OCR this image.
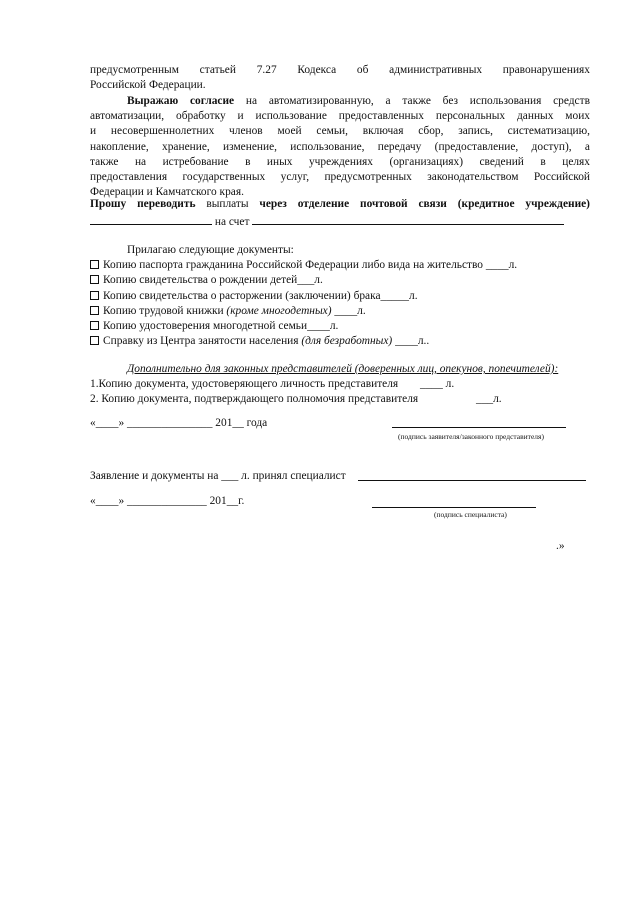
предусмотренным статьей 7.27 Кодекса об административных правонарушениях

Российской Федерации.

Выражаю согласие на автоматизированную, а также без использования средств

автоматизации, обработку и использование предоставленных персональных данных моих

и несовершеннолетних членов моей семьи, включая сбор, запись, систематизацию,

накопление, хранение, изменение, использование, передачу (предоставление, доступ), а

также на истребование в иных учреждениях (организациях) сведений в целях

предоставления государственных услуг, предусмотренных законодательством Российской

Федерации и Камчатского края.

Прошу переводить выплаты через отделение почтовой связи (кредитное учреждение)

на счет

Прилагаю следующие документы:

Копию паспорта гражданина Российской Федерации либо вида на жительство ____л.

Копию свидетельства о рождении детей___л.

Копию свидетельства о расторжении (заключении) брака_____л.

Копию трудовой книжки (кроме многодетных) ____л.

Копию удостоверения многодетной семьи____л.

Справку из Центра занятости населения (для безработных) ____л..

Дополнительно для законных представителей (доверенных лиц, опекунов, попечителей):

1.Копию документа, удостоверяющего личность представителя ____ л.
2. Копию документа, подтверждающего полномочия представителя	___л.
«____» _______________ 201__ года
(подпись заявителя/законного представителя)
Заявление и документы на ___ л. принял специалист
«____» ______________ 201__г.
(подпись специалиста)
.»
